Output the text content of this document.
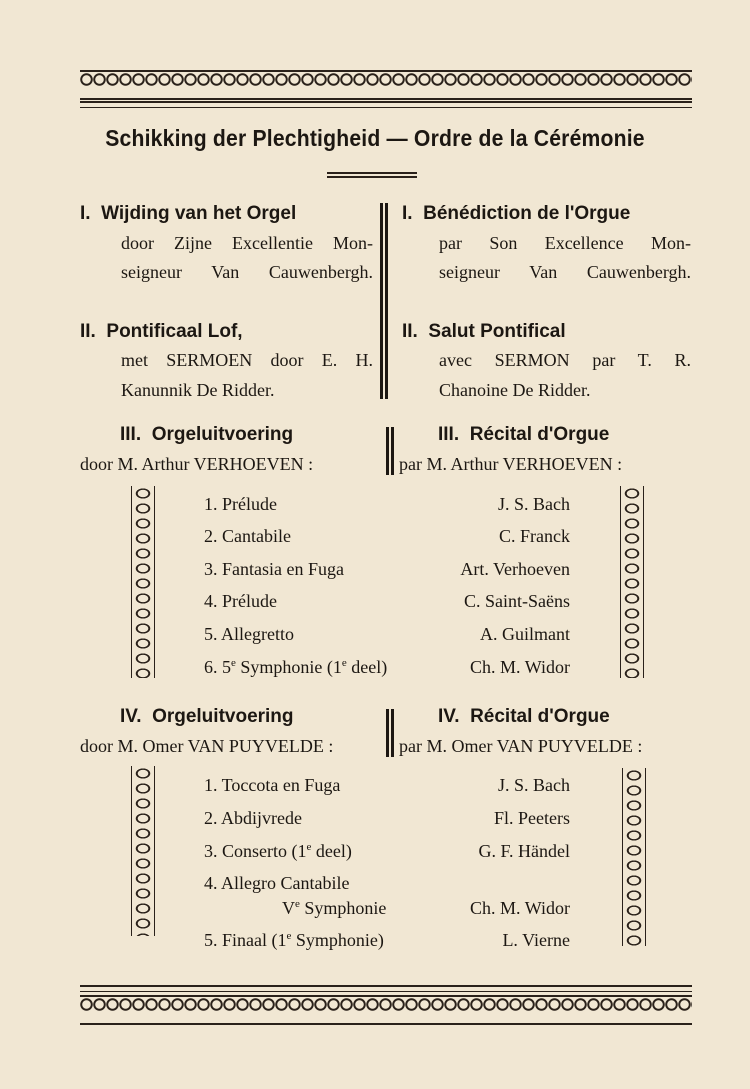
Schikking der Plechtigheid — Ordre de la Cérémonie
I. Wijding van het Orgel
door Zijne Excellentie Mon-
seigneur Van Cauwenbergh.
I. Bénédiction de l'Orgue
par Son Excellence Mon-
seigneur Van Cauwenbergh.
II. Pontificaal Lof,
met SERMOEN door E. H.
Kanunnik De Ridder.
II. Salut Pontifical
avec SERMON par T. R.
Chanoine De Ridder.
III. Orgeluitvoering
door M. Arthur VERHOEVEN :
III. Récital d'Orgue
par M. Arthur VERHOEVEN :
1. Prélude	J. S. Bach
2. Cantabile	C. Franck
3. Fantasia en Fuga	Art. Verhoeven
4. Prélude	C. Saint-Saëns
5. Allegretto	A. Guilmant
6. 5e Symphonie (1e deel)	Ch. M. Widor
IV. Orgeluitvoering
door M. Omer VAN PUYVELDE :
IV. Récital d'Orgue
par M. Omer VAN PUYVELDE :
1. Toccota en Fuga	J. S. Bach
2. Abdijvrede	Fl. Peeters
3. Conserto (1e deel)	G. F. Händel
4. Allegro Cantabile
Ve Symphonie	Ch. M. Widor
5. Finaal (1e Symphonie)	L. Vierne
